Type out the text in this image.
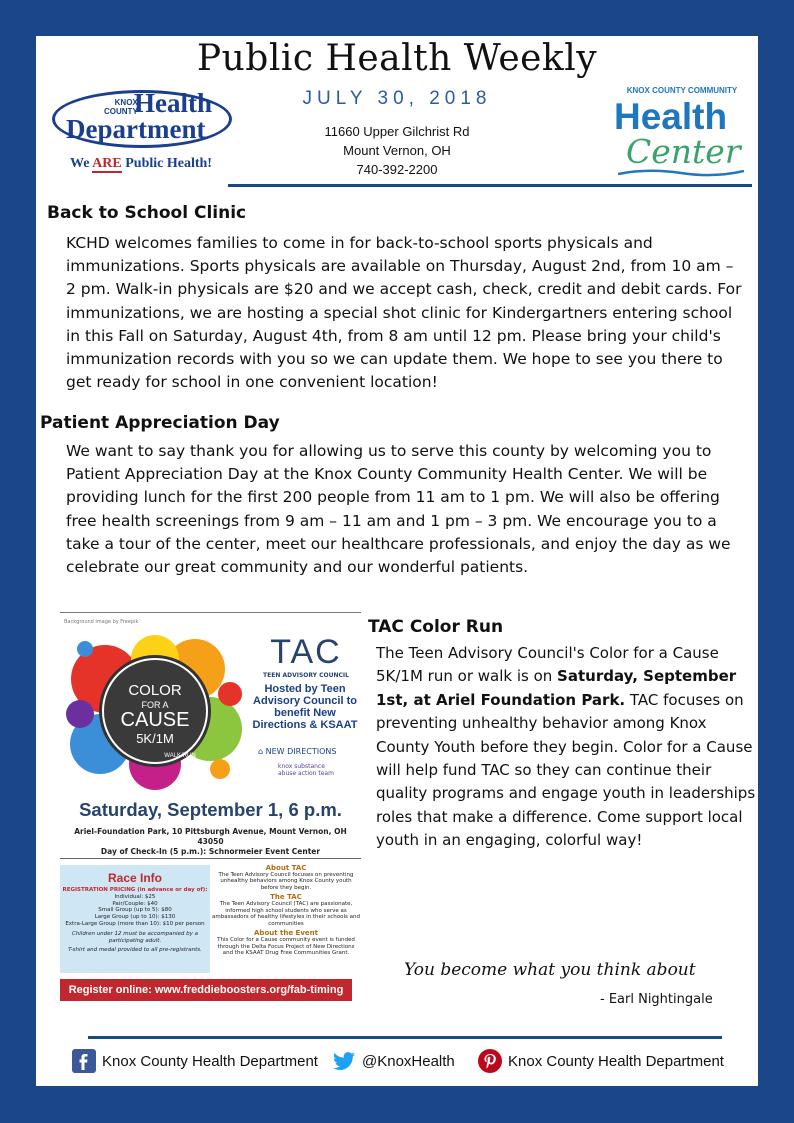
Public Health Weekly
JULY 30, 2018
11660 Upper Gilchrist Rd
Mount Vernon, OH
740-392-2200
KNOX
COUNTY
Health
Department
We ARE Public Health!
KNOX COUNTY COMMUNITY
Health
Center
Back to School Clinic

KCHD welcomes families to come in for back-to-school sports physicals and immunizations. Sports physicals are available on Thursday, August 2nd, from 10 am – 2 pm. Walk-in physicals are $20 and we accept cash, check, credit and debit cards. For immunizations, we are hosting a special shot clinic for Kindergartners entering school in this Fall on Saturday, August 4th, from 8 am until 12 pm. Please bring your child's immunization records with you so we can update them. We hope to see you there to get ready for school in one convenient location!

Patient Appreciation Day

We want to say thank you for allowing us to serve this county by welcoming you to Patient Appreciation Day at the Knox County Community Health Center. We will be providing lunch for the first 200 people from 11 am to 1 pm. We will also be offering free health screenings from 9 am – 11 am and 1 pm – 3 pm. We encourage you to a take a tour of the center, meet our healthcare professionals, and enjoy the day as we celebrate our great community and our wonderful patients.

Background image by Freepik
COLOR
FOR A
CAUSE
5K/1M
WALK/RUN
TAC
TEEN ADVISORY COUNCIL
Hosted by Teen Advisory Council to benefit New Directions & KSAAT
⌂ NEW DIRECTIONS
knox substance
abuse action team
Saturday, September 1, 6 p.m.
Ariel-Foundation Park, 10 Pittsburgh Avenue, Mount Vernon, OH 43050
Day of Check-In (5 p.m.): Schnormeier Event Center
Race Info
REGISTRATION PRICING (in advance or day of):
Individual: $25
Pair/Couple: $40
Small Group (up to 5): $80
Large Group (up to 10): $130
Extra-Large Group (more than 10): $10 per person
Children under 12 must be accompanied by a participating adult.
T-shirt and medal provided to all pre-registrants.
About TAC
The Teen Advisory Council focuses on preventing unhealthy behaviors among Knox County youth before they begin.
The TAC
The Teen Advisory Council (TAC) are passionate, informed high school students who serve as ambassadors of healthy lifestyles in their schools and communities
About the Event
This Color for a Cause community event is funded through the Delta Focus Project of New Directions and the KSAAT Drug Free Communities Grant.
Register online: www.freddieboosters.org/fab-timing
TAC Color Run

The Teen Advisory Council's Color for a Cause 5K/1M run or walk is on Saturday, September 1st, at Ariel Foundation Park. TAC focuses on preventing unhealthy behavior among Knox County Youth before they begin. Color for a Cause will help fund TAC so they can continue their quality programs and engage youth in leaderships roles that make a difference. Come support local youth in an engaging, colorful way!

You become what you think about
- Earl Nightingale
Knox County Health Department	@KnoxHealth	Knox County Health Department
